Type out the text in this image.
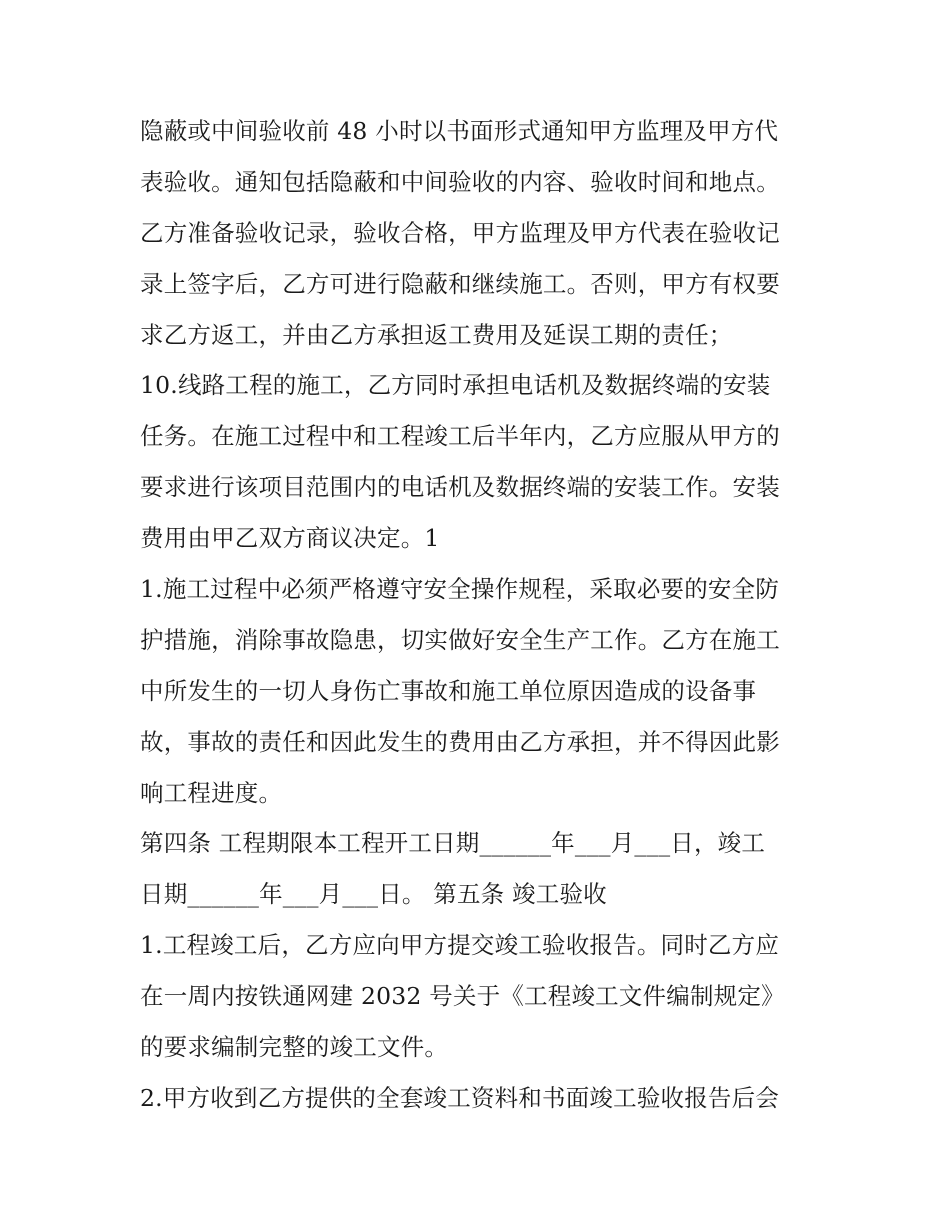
隐蔽或中间验收前 48 小时以书面形式通知甲方监理及甲方代
表验收。通知包括隐蔽和中间验收的内容、验收时间和地点。
乙方准备验收记录，验收合格，甲方监理及甲方代表在验收记
录上签字后，乙方可进行隐蔽和继续施工。否则，甲方有权要
求乙方返工，并由乙方承担返工费用及延误工期的责任；
10.线路工程的施工，乙方同时承担电话机及数据终端的安装
任务。在施工过程中和工程竣工后半年内，乙方应服从甲方的
要求进行该项目范围内的电话机及数据终端的安装工作。安装
费用由甲乙双方商议决定。1
1.施工过程中必须严格遵守安全操作规程，采取必要的安全防
护措施，消除事故隐患，切实做好安全生产工作。乙方在施工
中所发生的一切人身伤亡事故和施工单位原因造成的设备事
故，事故的责任和因此发生的费用由乙方承担，并不得因此影
响工程进度。
第四条 工程期限本工程开工日期______年___月___日，竣工
日期______年___月___日。 第五条 竣工验收
1.工程竣工后，乙方应向甲方提交竣工验收报告。同时乙方应
在一周内按铁通网建 2032 号关于《工程竣工文件编制规定》
的要求编制完整的竣工文件。
2.甲方收到乙方提供的全套竣工资料和书面竣工验收报告后会
